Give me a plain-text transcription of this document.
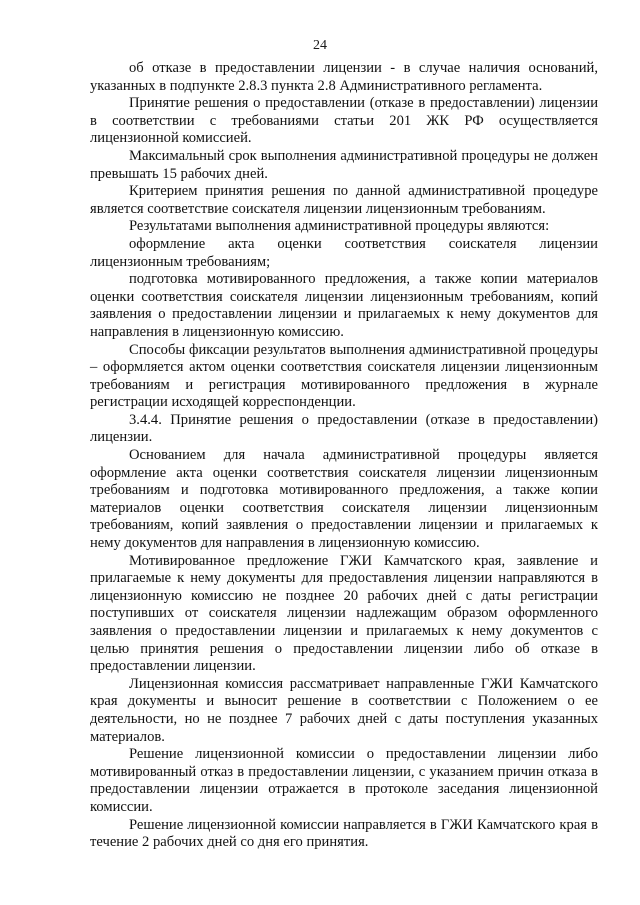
24

об отказе в предоставлении лицензии - в случае наличия оснований, указанных в подпункте 2.8.3 пункта 2.8 Административного регламента.

Принятие решения о предоставлении (отказе в предоставлении) лицензии в соответствии с требованиями статьи 201 ЖК РФ осуществляется лицензионной комиссией.

Максимальный срок выполнения административной процедуры не должен превышать 15 рабочих дней.

Критерием принятия решения по данной административной процедуре является соответствие соискателя лицензии лицензионным требованиям.

Результатами выполнения административной процедуры являются:

оформление акта оценки соответствия соискателя лицензии лицензионным требованиям;

подготовка мотивированного предложения, а также копии материалов оценки соответствия соискателя лицензии лицензионным требованиям, копий заявления о предоставлении лицензии и прилагаемых к нему документов для направления в лицензионную комиссию.

Способы фиксации результатов выполнения административной процедуры – оформляется актом оценки соответствия соискателя лицензии лицензионным требованиям и регистрация мотивированного предложения в журнале регистрации исходящей корреспонденции.

3.4.4. Принятие решения о предоставлении (отказе в предоставлении) лицензии.

Основанием для начала административной процедуры является оформление акта оценки соответствия соискателя лицензии лицензионным требованиям и подготовка мотивированного предложения, а также копии материалов оценки соответствия соискателя лицензии лицензионным требованиям, копий заявления о предоставлении лицензии и прилагаемых к нему документов для направления в лицензионную комиссию.

Мотивированное предложение ГЖИ Камчатского края, заявление и прилагаемые к нему документы для предоставления лицензии направляются в лицензионную комиссию не позднее 20 рабочих дней с даты регистрации поступивших от соискателя лицензии надлежащим образом оформленного заявления о предоставлении лицензии и прилагаемых к нему документов с целью принятия решения о предоставлении лицензии либо об отказе в предоставлении лицензии.

Лицензионная комиссия рассматривает направленные ГЖИ Камчатского края документы и выносит решение в соответствии с Положением о ее деятельности, но не позднее 7 рабочих дней с даты поступления указанных материалов.

Решение лицензионной комиссии о предоставлении лицензии либо мотивированный отказ в предоставлении лицензии, с указанием причин отказа в предоставлении лицензии отражается в протоколе заседания лицензионной комиссии.

Решение лицензионной комиссии направляется в ГЖИ Камчатского края в течение 2 рабочих дней со дня его принятия.
